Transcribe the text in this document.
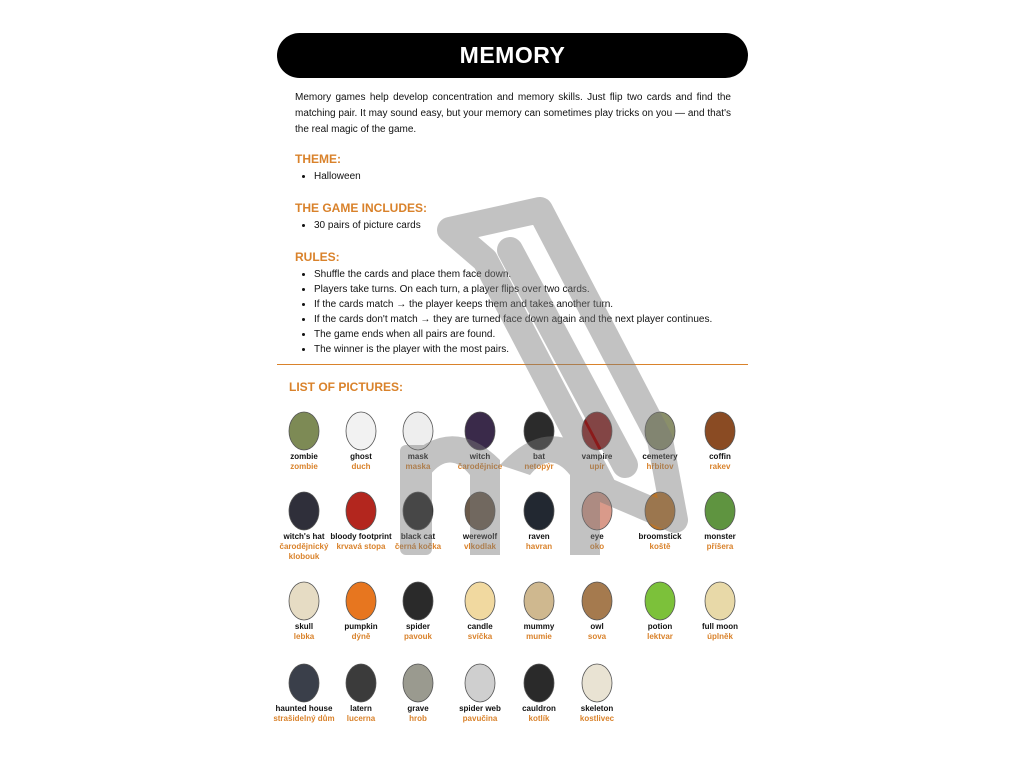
MEMORY

Memory games help develop concentration and memory skills. Just flip two cards and find the matching pair. It may sound easy, but your memory can sometimes play tricks on you — and that's the real magic of the game.

THEME:
• Halloween
THE GAME INCLUDES:
• 30 pairs of picture cards
RULES:
• Shuffle the cards and place them face down.
• Players take turns. On each turn, a player flips over two cards.
• If the cards match → the player keeps them and takes another turn.
• If the cards don't match → they are turned face down again and the next player continues.
• The game ends when all pairs are found.
• The winner is the player with the most pairs.
LIST OF PICTURES:
zombie
zombie
ghost
duch
mask
maska
witch
čarodějnice
bat
netopýr
vampire
upír
cemetery
hřbitov
coffin
rakev
witch's hat
čarodějnický klobouk
bloody footprint
krvavá stopa
black cat
černá kočka
werewolf
vlkodlak
raven
havran
eye
oko
broomstick
koště
monster
příšera
skull
lebka
pumpkin
dýně
spider
pavouk
candle
svíčka
mummy
mumie
owl
sova
potion
lektvar
full moon
úplněk
haunted house
strašidelný dům
latern
lucerna
grave
hrob
spider web
pavučina
cauldron
kotlík
skeleton
kostlivec
